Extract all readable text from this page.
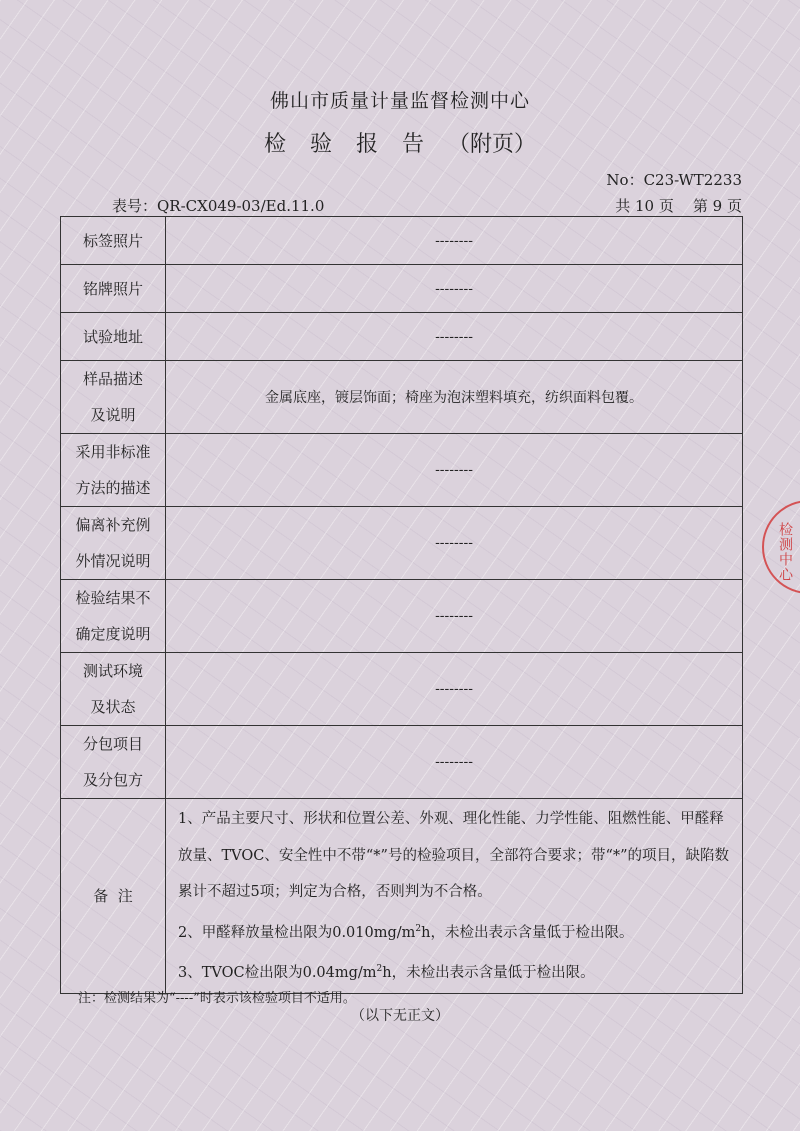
佛山市质量计量监督检测中心
检验报告（附页）
No：C23-WT2233
表号：QR-CX049-03/Ed.11.0	共 10 页    第 9 页
标签照片	--------

铭牌照片	--------

试验地址	--------

样品描述
及说明	金属底座，镀层饰面；椅座为泡沫塑料填充，纺织面料包覆。

采用非标准
方法的描述	--------

偏离补充例
外情况说明	--------

检验结果不
确定度说明	--------

测试环境
及状态	--------

分包项目
及分包方	--------
备  注	1、产品主要尺寸、形状和位置公差、外观、理化性能、力学性能、阻燃性能、甲醛释放量、TVOC、安全性中不带“*”号的检验项目，全部符合要求；带“*”的项目，缺陷数累计不超过5项；判定为合格，否则判为不合格。

2、甲醛释放量检出限为$0.010mg/m^2h$，未检出表示含量低于检出限。

3、TVOC检出限为$0.04mg/m^2h$，未检出表示含量低于检出限。

注：检测结果为“----”时表示该检验项目不适用。
（以下无正文）
检测中心
